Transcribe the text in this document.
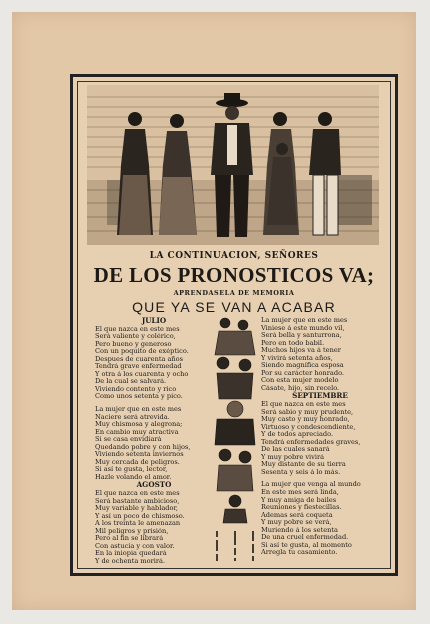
LA CONTINUACION, SEÑORES
DE LOS PRONOSTICOS VA;
APRENDASELA DE MEMORIA
QUE YA SE VAN A ACABAR
JULIO
El que nazca en este mes
Será valiente y colérico,
Pero bueno y generoso
Con un poquito de exéptico.
Despues de cuarenta años
Tendrá grave enfermedad
Y otra á los cuarenta y ocho
De la cual se salvará.
Viviendo contento y rico
Como unos setenta y pico.
La mujer que en este mes
Naciere será atrevida.
Muy chismosa y alegrona;
En cambio muy atractiva
Si se casa envidiará
Quedando pobre y con hijos,
Viviendo setenta inviernos
Muy cercada de peligros.
Si así te gusta, lector,
Hazle volando el amor.
AGOSTO
El que nazca en este mes
Será bastante ambicioso,
Muy variable y hablador,
Y así un poco de chismoso.
A los treinta le amenazan
Mil peligros y prisión,
Pero al fin se librará
Con astucia y con valor.
En la iniopia quedará
Y de ochenta morirá.
La mujer que en este mes
Viniese á este mundo vil,
Será bella y santurrona,
Pero en todo babil.
Muchos hijos va á tener
Y vivirá setenta años,
Siendo magnífica esposa
Por su carácter honrado.
Con esta mujer modelo
Cásate, hijo, sin recelo.
SEPTIEMBRE
El que nazca en este mes
Será sabio y muy prudente,
Muy casto y muy honrado,
Virtuoso y condescendiente,
Y de todos apreciado.
Tendrá enfermedades graves,
De las cuales sanará
Y muy pobre vivirá
Muy distante de su tierra
Sesenta y seis á lo más.
La mujer que venga al mundo
En este mes será linda,
Y muy amiga de bailes
Reuniones y fiestecillas.
Ademas será coqueta
Y muy pobre se verá,
Muriendo á los setenta
De una cruel enfermedad.
Si así te gusta, al momento
Arregla tu casamiento.
